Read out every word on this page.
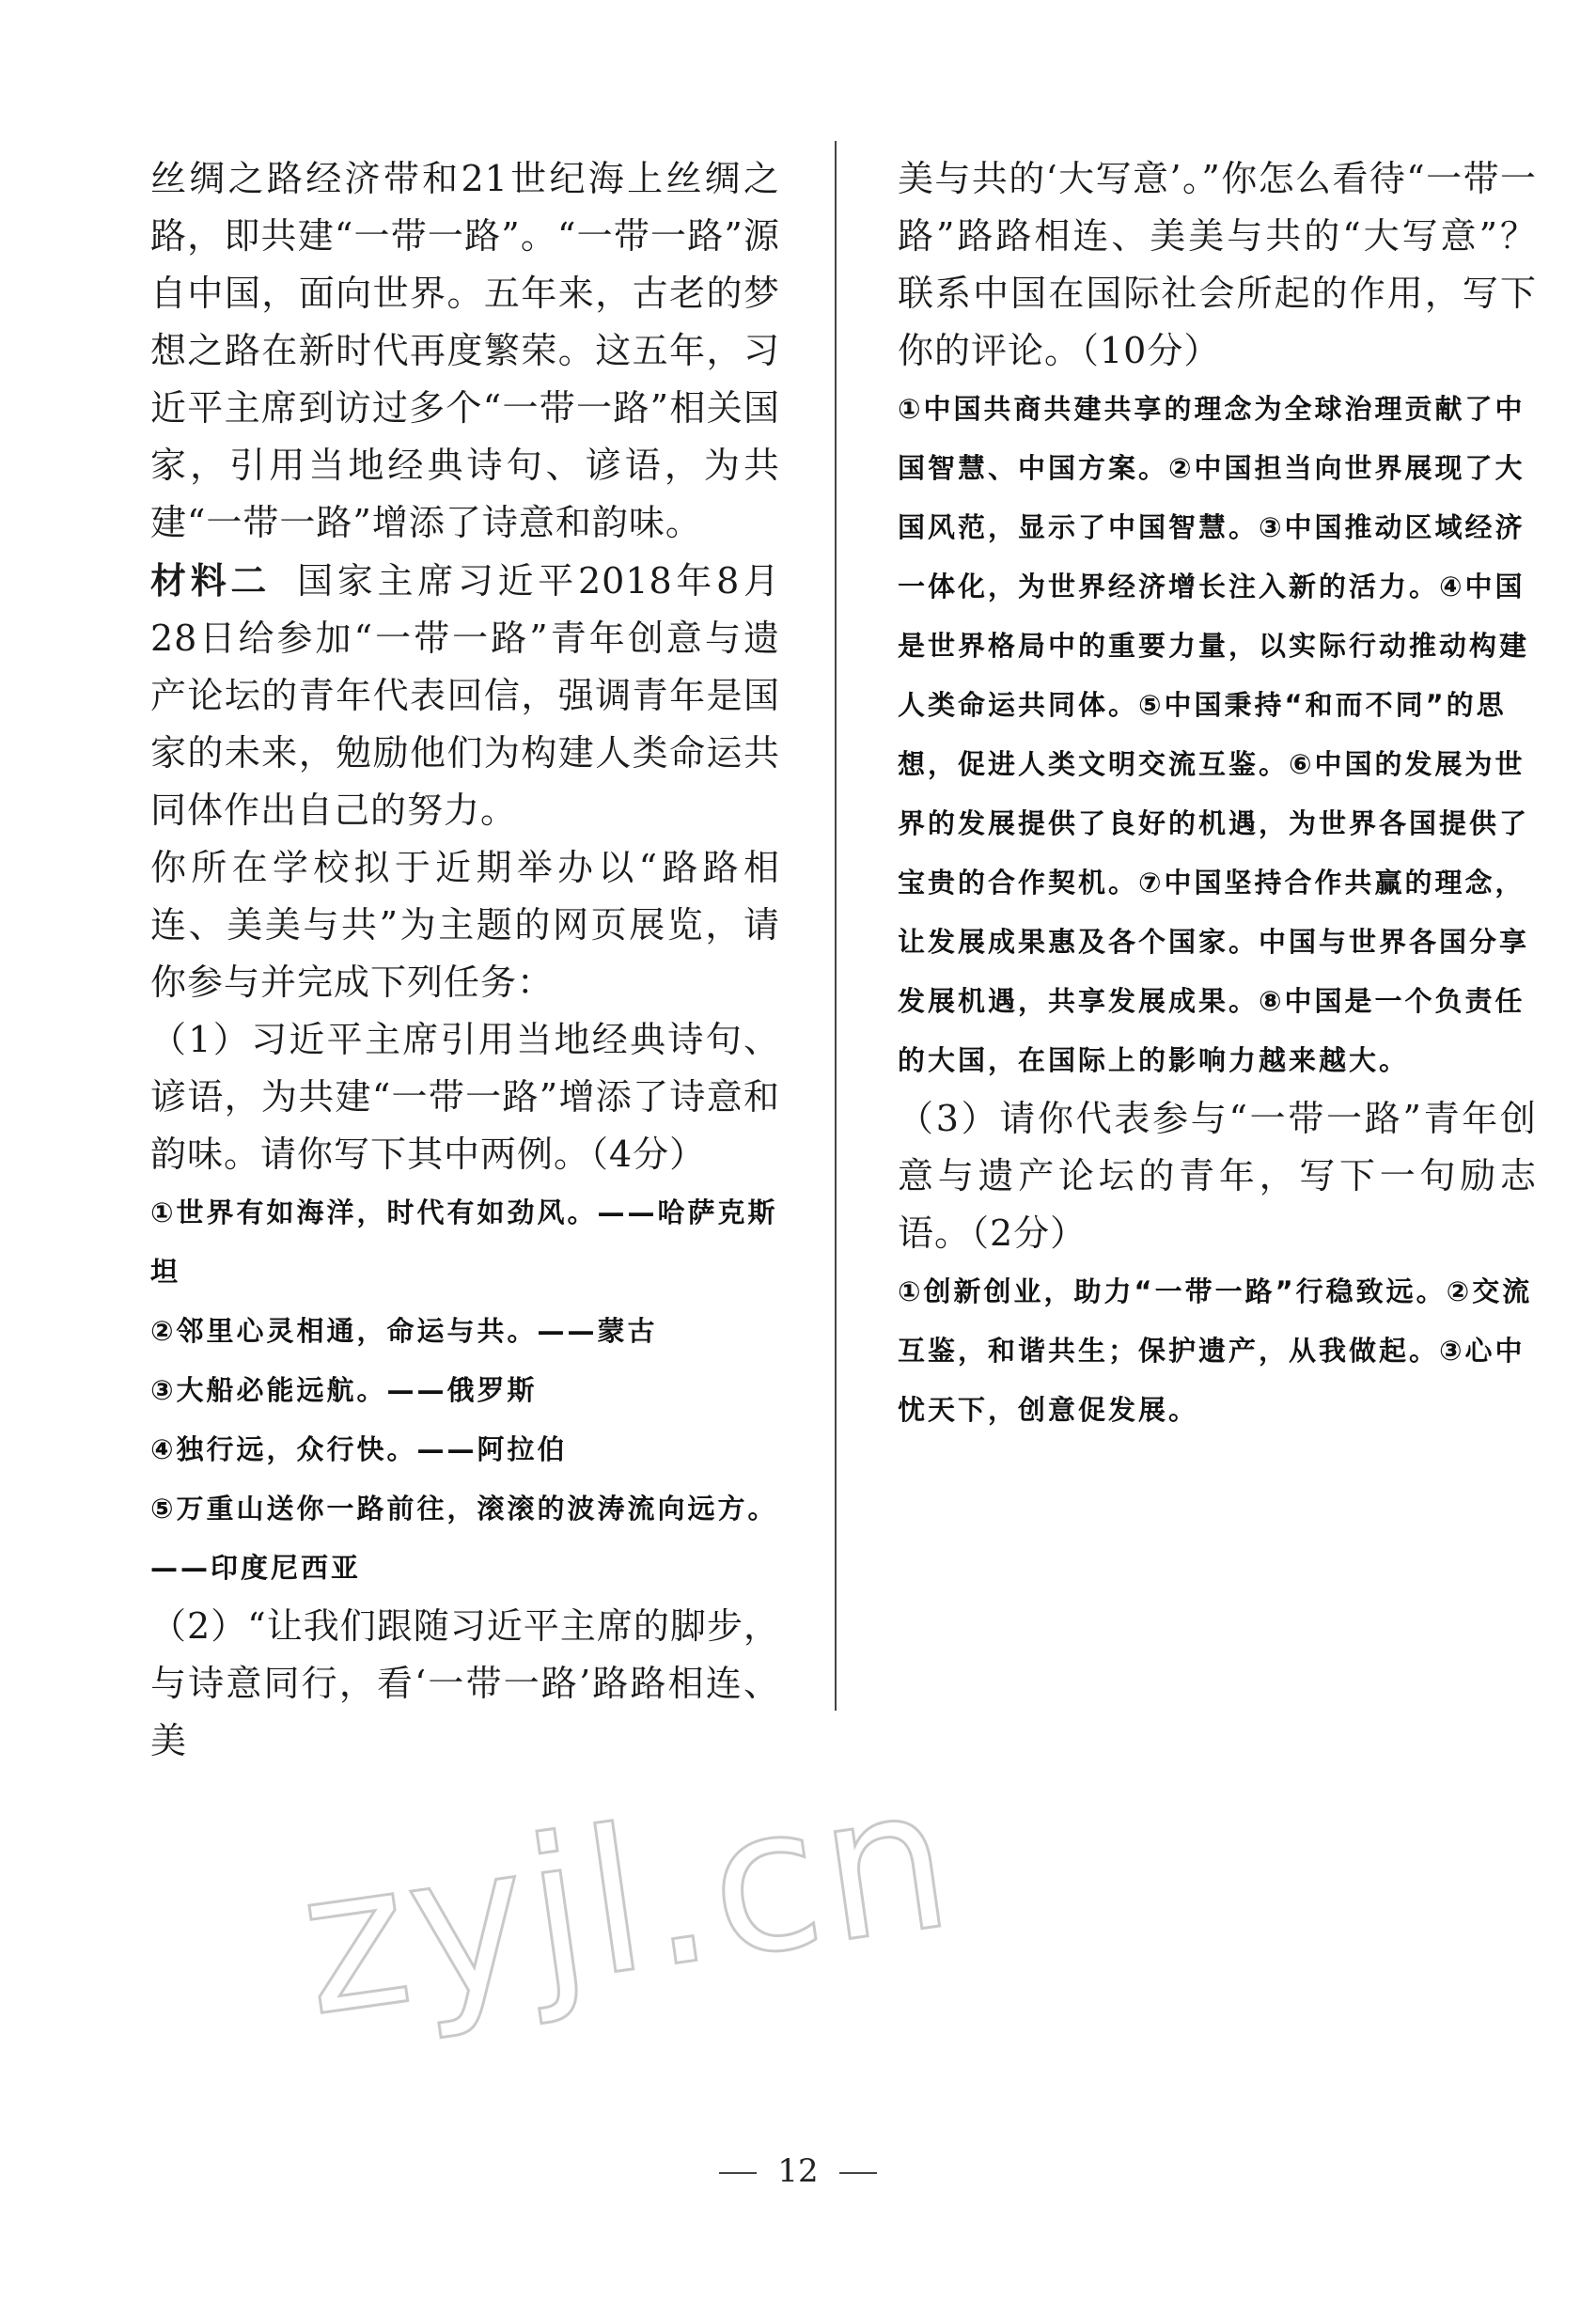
丝绸之路经济带和21世纪海上丝绸之路，即共建“一带一路”。“一带一路”源自中国，面向世界。五年来，古老的梦想之路在新时代再度繁荣。这五年，习近平主席到访过多个“一带一路”相关国家，引用当地经典诗句、谚语，为共建“一带一路”增添了诗意和韵味。

材料二 国家主席习近平2018年8月28日给参加“一带一路”青年创意与遗产论坛的青年代表回信，强调青年是国家的未来，勉励他们为构建人类命运共同体作出自己的努力。

你所在学校拟于近期举办以“路路相连、美美与共”为主题的网页展览，请你参与并完成下列任务：

（1）习近平主席引用当地经典诗句、谚语，为共建“一带一路”增添了诗意和韵味。请你写下其中两例。（4分）

①世界有如海洋，时代有如劲风。——哈萨克斯坦

②邻里心灵相通，命运与共。——蒙古

③大船必能远航。——俄罗斯

④独行远，众行快。——阿拉伯

⑤万重山送你一路前往，滚滚的波涛流向远方。——印度尼西亚

（2）“让我们跟随习近平主席的脚步，与诗意同行，看‘一带一路’路路相连、美

美与共的‘大写意’。”你怎么看待“一带一路”路路相连、美美与共的“大写意”？联系中国在国际社会所起的作用，写下你的评论。（10分）

①中国共商共建共享的理念为全球治理贡献了中国智慧、中国方案。②中国担当向世界展现了大国风范，显示了中国智慧。③中国推动区域经济一体化，为世界经济增长注入新的活力。④中国是世界格局中的重要力量，以实际行动推动构建人类命运共同体。⑤中国秉持“和而不同”的思想，促进人类文明交流互鉴。⑥中国的发展为世界的发展提供了良好的机遇，为世界各国提供了宝贵的合作契机。⑦中国坚持合作共赢的理念，让发展成果惠及各个国家。中国与世界各国分享发展机遇，共享发展成果。⑧中国是一个负责任的大国，在国际上的影响力越来越大。

（3）请你代表参与“一带一路”青年创意与遗产论坛的青年，写下一句励志语。（2分）

①创新创业，助力“一带一路”行稳致远。②交流互鉴，和谐共生；保护遗产，从我做起。③心中忧天下，创意促发展。

zyjl.cn
12
